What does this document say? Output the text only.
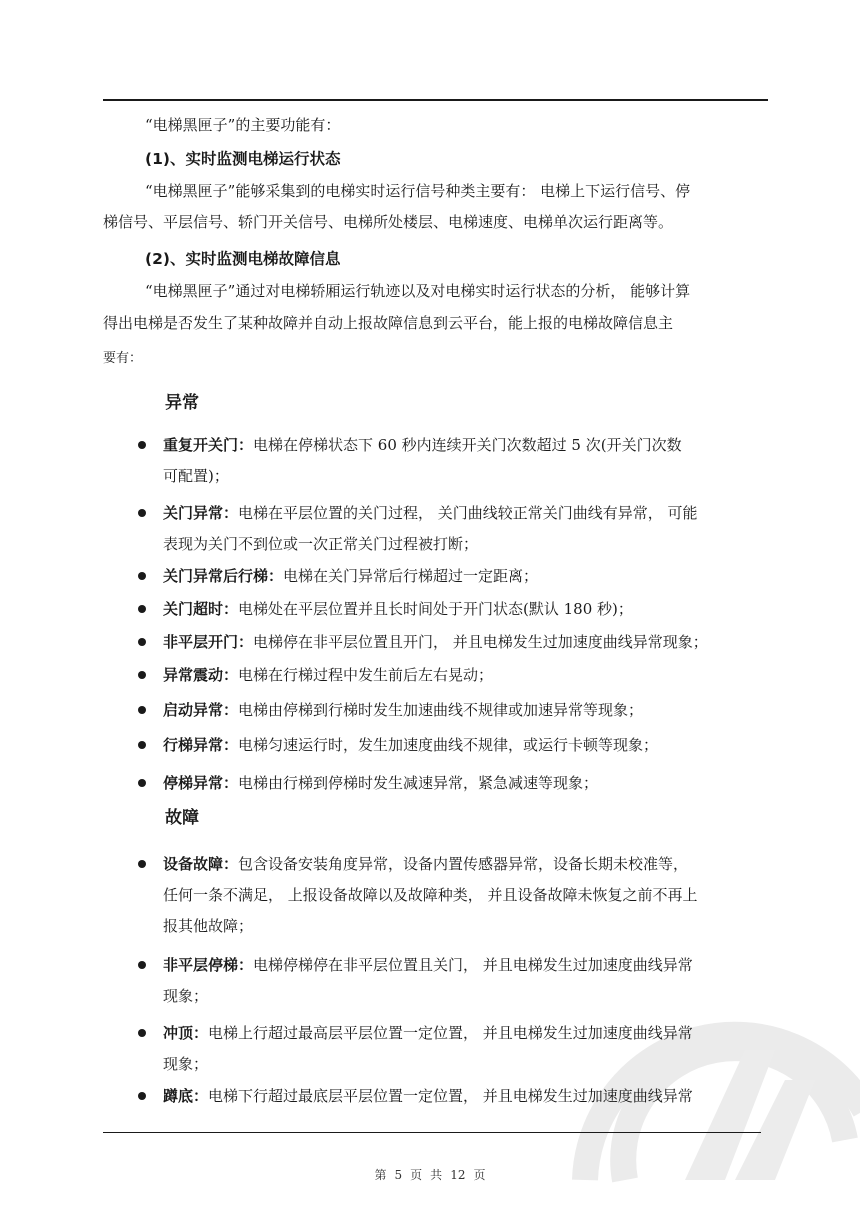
“电梯黑匣子”的主要功能有：
(1)、实时监测电梯运行状态
“电梯黑匣子”能够采集到的电梯实时运行信号种类主要有： 电梯上下运行信号、停
梯信号、平层信号、轿门开关信号、电梯所处楼层、电梯速度、电梯单次运行距离等。
(2)、实时监测电梯故障信息
“电梯黑匣子”通过对电梯轿厢运行轨迹以及对电梯实时运行状态的分析， 能够计算
得出电梯是否发生了某种故障并自动上报故障信息到云平台，能上报的电梯故障信息主
要有：
异常
重复开关门：电梯在停梯状态下 60 秒内连续开关门次数超过 5 次(开关门次数
可配置)；
关门异常：电梯在平层位置的关门过程， 关门曲线较正常关门曲线有异常， 可能
表现为关门不到位或一次正常关门过程被打断；
关门异常后行梯：电梯在关门异常后行梯超过一定距离；
关门超时：电梯处在平层位置并且长时间处于开门状态(默认 180 秒)；
非平层开门：电梯停在非平层位置且开门， 并且电梯发生过加速度曲线异常现象；
异常震动：电梯在行梯过程中发生前后左右晃动；
启动异常：电梯由停梯到行梯时发生加速曲线不规律或加速异常等现象；
行梯异常：电梯匀速运行时，发生加速度曲线不规律，或运行卡顿等现象；
停梯异常：电梯由行梯到停梯时发生减速异常，紧急减速等现象；
故障
设备故障：包含设备安装角度异常，设备内置传感器异常，设备长期未校准等，
任何一条不满足， 上报设备故障以及故障种类， 并且设备故障未恢复之前不再上
报其他故障；
非平层停梯：电梯停梯停在非平层位置且关门， 并且电梯发生过加速度曲线异常
现象；
冲顶：电梯上行超过最高层平层位置一定位置， 并且电梯发生过加速度曲线异常
现象；
蹲底：电梯下行超过最底层平层位置一定位置， 并且电梯发生过加速度曲线异常
第 5 页 共 12 页
